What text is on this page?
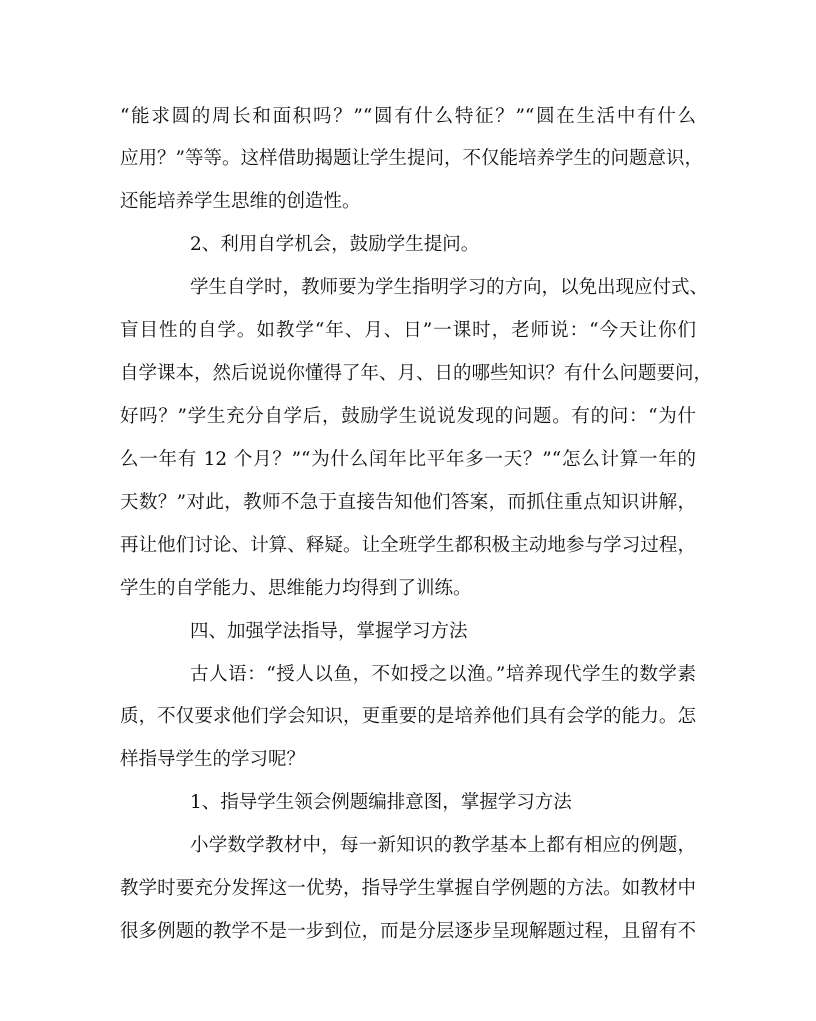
“能求圆的周长和面积吗？”“圆有什么特征？”“圆在生活中有什么
应用？”等等。这样借助揭题让学生提问，不仅能培养学生的问题意识，
还能培养学生思维的创造性。
2、利用自学机会，鼓励学生提问。
学生自学时，教师要为学生指明学习的方向，以免出现应付式、
盲目性的自学。如教学“年、月、日”一课时，老师说：“今天让你们
自学课本，然后说说你懂得了年、月、日的哪些知识？有什么问题要问，
好吗？”学生充分自学后，鼓励学生说说发现的问题。有的问：“为什
么一年有 12 个月？”“为什么闰年比平年多一天？”“怎么计算一年的
天数？”对此，教师不急于直接告知他们答案，而抓住重点知识讲解，
再让他们讨论、计算、释疑。让全班学生都积极主动地参与学习过程，
学生的自学能力、思维能力均得到了训练。
四、加强学法指导，掌握学习方法
古人语：“授人以鱼，不如授之以渔。”培养现代学生的数学素
质，不仅要求他们学会知识，更重要的是培养他们具有会学的能力。怎
样指导学生的学习呢？
1、指导学生领会例题编排意图，掌握学习方法
小学数学教材中，每一新知识的教学基本上都有相应的例题，
教学时要充分发挥这一优势，指导学生掌握自学例题的方法。如教材中
很多例题的教学不是一步到位，而是分层逐步呈现解题过程，且留有不
